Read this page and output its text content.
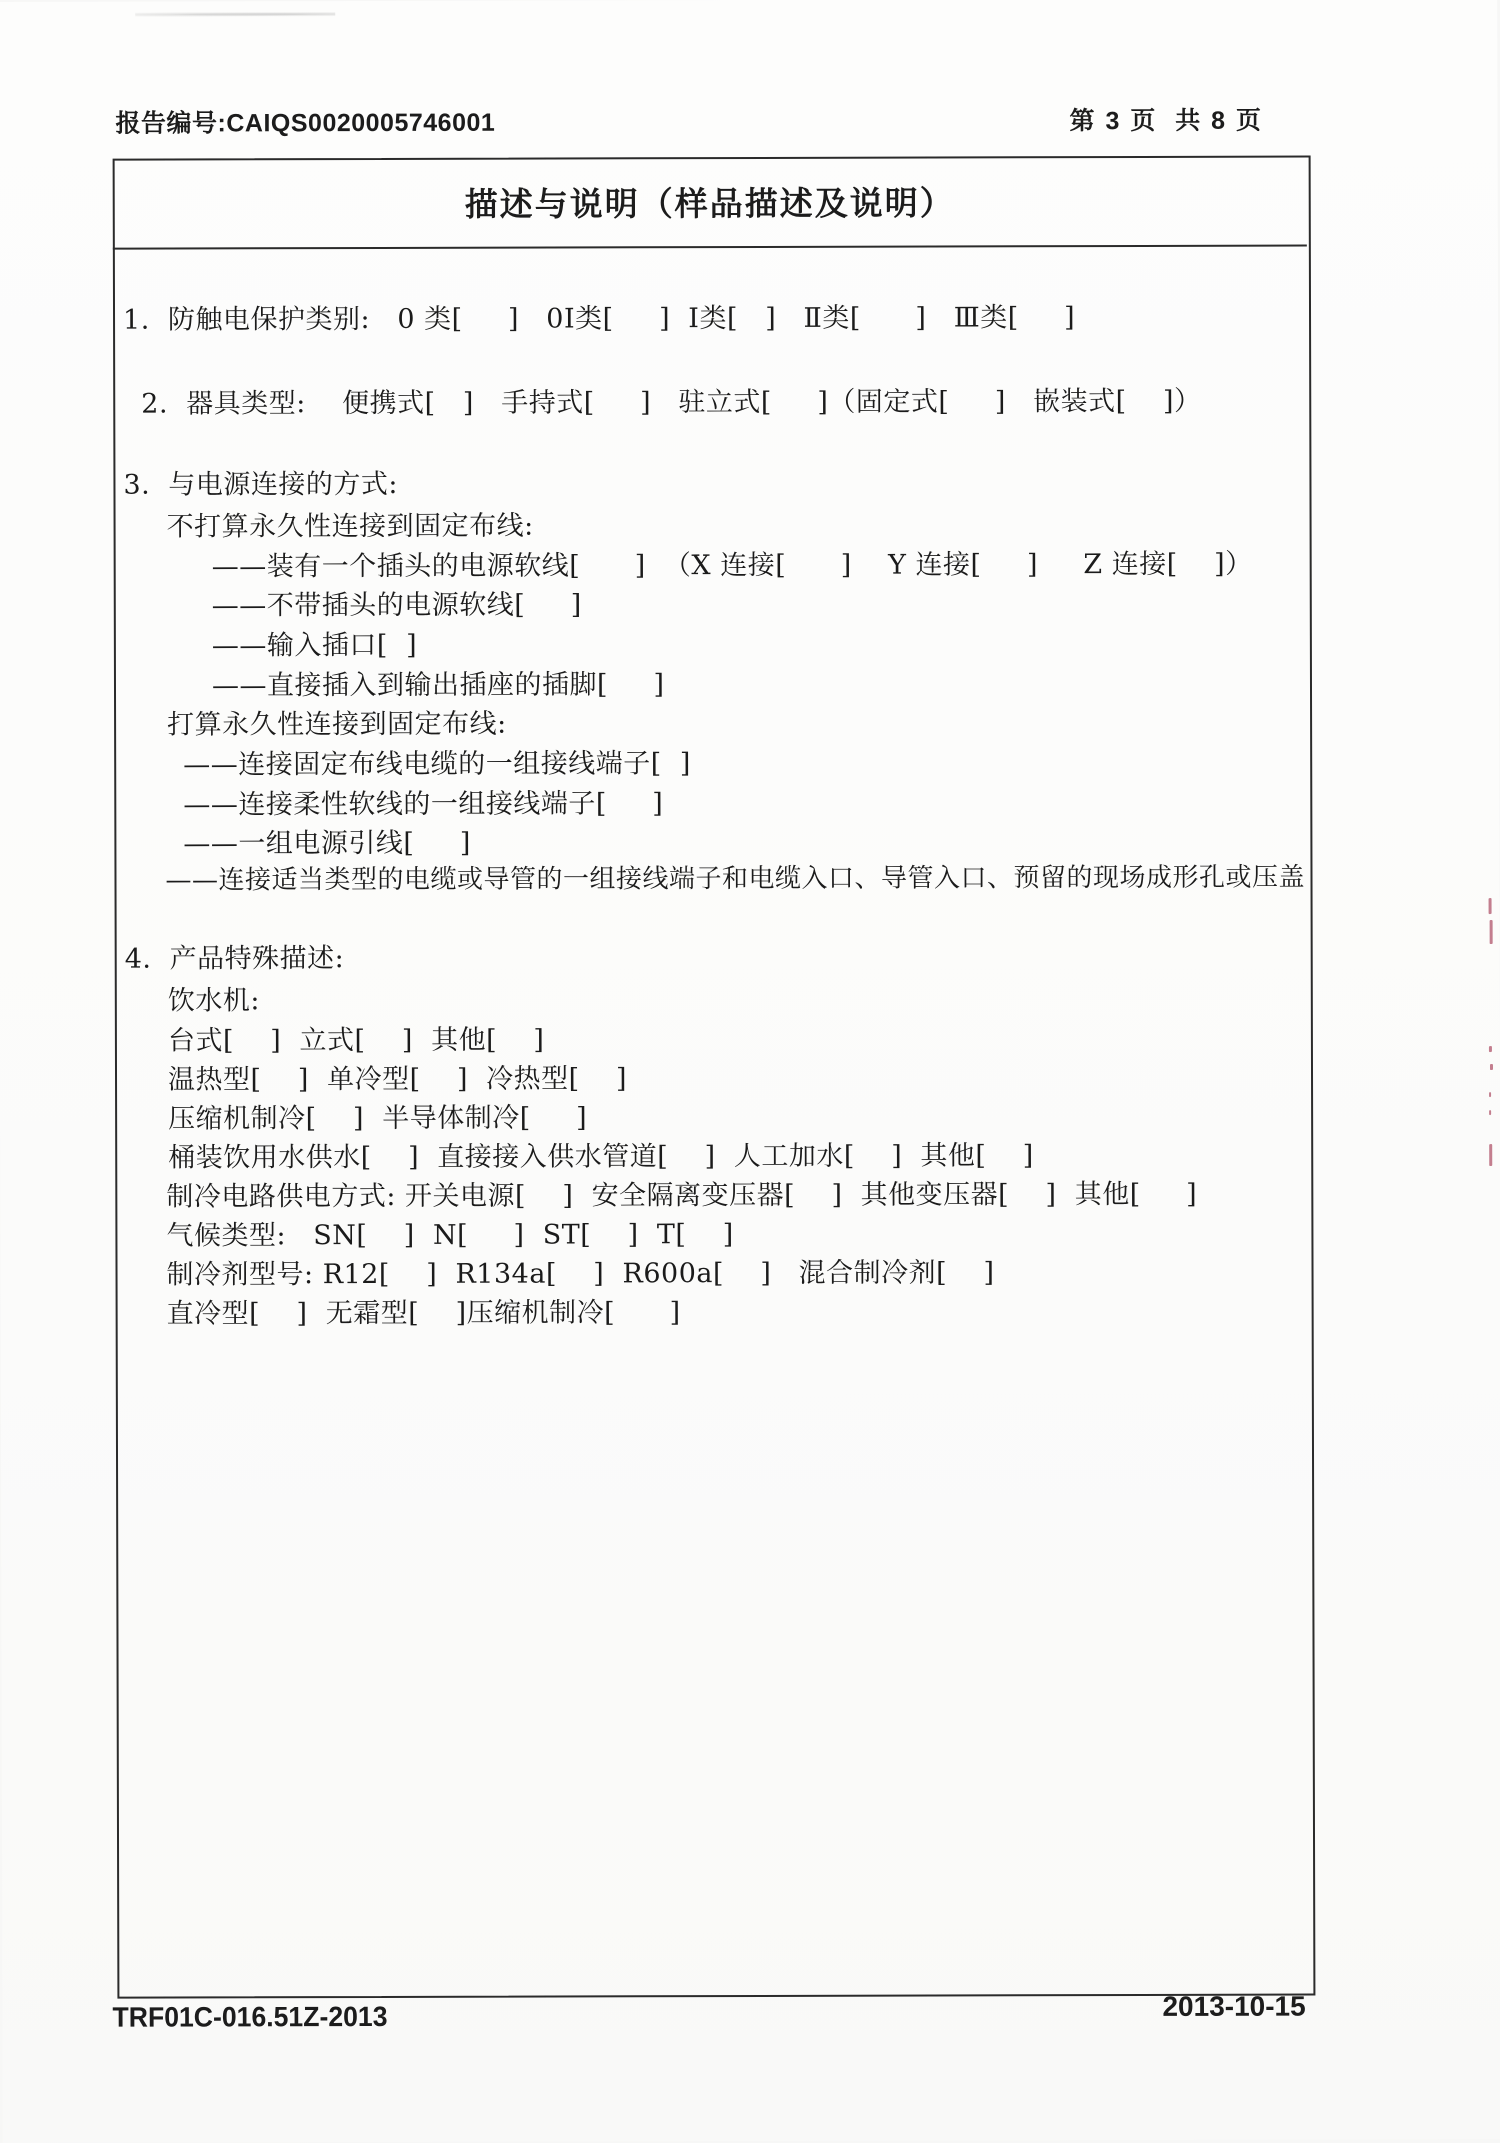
报告编号:CAIQS0020005746001	第 3 页  共 8 页
描述与说明（样品描述及说明）
1.  防触电保护类别:   0 类[     ]   0I类[     ]  I类[   ]   Ⅱ类[      ]   Ⅲ类[     ]
2.  器具类型:    便携式[   ]   手持式[     ]   驻立式[     ]（固定式[     ]   嵌装式[    ]）
3.  与电源连接的方式:
不打算永久性连接到固定布线:
——装有一个插头的电源软线[      ]  （X 连接[      ]    Y 连接[     ]     Z 连接[    ]）
——不带插头的电源软线[     ]
——输入插口[  ]
——直接插入到输出插座的插脚[     ]
打算永久性连接到固定布线:
——连接固定布线电缆的一组接线端子[  ]
——连接柔性软线的一组接线端子[     ]
——一组电源引线[     ]
——连接适当类型的电缆或导管的一组接线端子和电缆入口、导管入口、预留的现场成形孔或压盖
4.  产品特殊描述:
饮水机:
台式[    ]  立式[    ]  其他[    ]
温热型[    ]  单冷型[    ]  冷热型[    ]
压缩机制冷[    ]  半导体制冷[     ]
桶装饮用水供水[    ]  直接接入供水管道[    ]  人工加水[    ]  其他[    ]
制冷电路供电方式: 开关电源[    ]  安全隔离变压器[    ]  其他变压器[    ]  其他[     ]
气候类型:   SN[    ]  N[     ]  ST[    ]  T[    ]
制冷剂型号: R12[    ]  R134a[    ]  R600a[    ]   混合制冷剂[    ]
直冷型[    ]  无霜型[    ]压缩机制冷[      ]
TRF01C-016.51Z-2013	2013-10-15
